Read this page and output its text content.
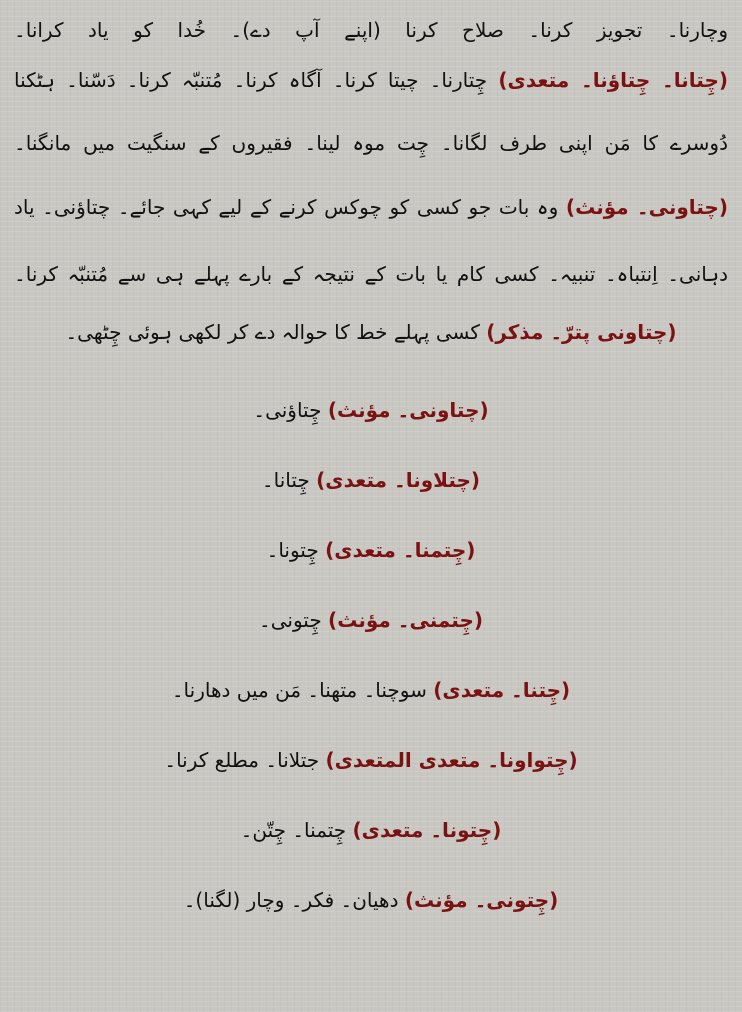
وچارنا۔ تجویز کرنا۔ صلاح کرنا (اپنے آپ دے)۔ خُدا کو یاد کرانا۔
(چِتانا۔ چِتاؤنا۔ متعدی) چِتارنا۔ چیتا کرنا۔ آگاہ کرنا۔ مُتنبّہ کرنا۔ دَسّنا۔ ہٹکنا
دُوسرے کا مَن اپنی طرف لگانا۔ چِت موہ لینا۔ فقیروں کے سنگیت میں مانگنا۔
(چتاونی۔ مؤنث) وہ بات جو کسی کو چوکس کرنے کے لیے کہی جائے۔ چتاؤنی۔ یاد
دہانی۔ اِنتباہ۔ تنبیہ۔ کسی کام یا بات کے نتیجہ کے بارے پہلے ہی سے مُتنبّہ کرنا۔
(چتاونی پترّ۔ مذکر) کسی پہلے خط کا حوالہ دے کر لکھی ہوئی چِٹھی۔
(چتاونی۔ مؤنث) چِتاؤنی۔
(چتلاونا۔ متعدی) چِتانا۔
(چِتمنا۔ متعدی) چِتونا۔
(چِتمنی۔ مؤنث) چِتونی۔
(چِتنا۔ متعدی) سوچنا۔ متھنا۔ مَن میں دھارنا۔
(چِتواونا۔ متعدی المتعدی) جتلانا۔ مطلع کرنا۔
(چِتونا۔ متعدی) چِتمنا۔ چِتّن۔
(چِتونی۔ مؤنث) دھیان۔ فکر۔ وچار (لگنا)۔
